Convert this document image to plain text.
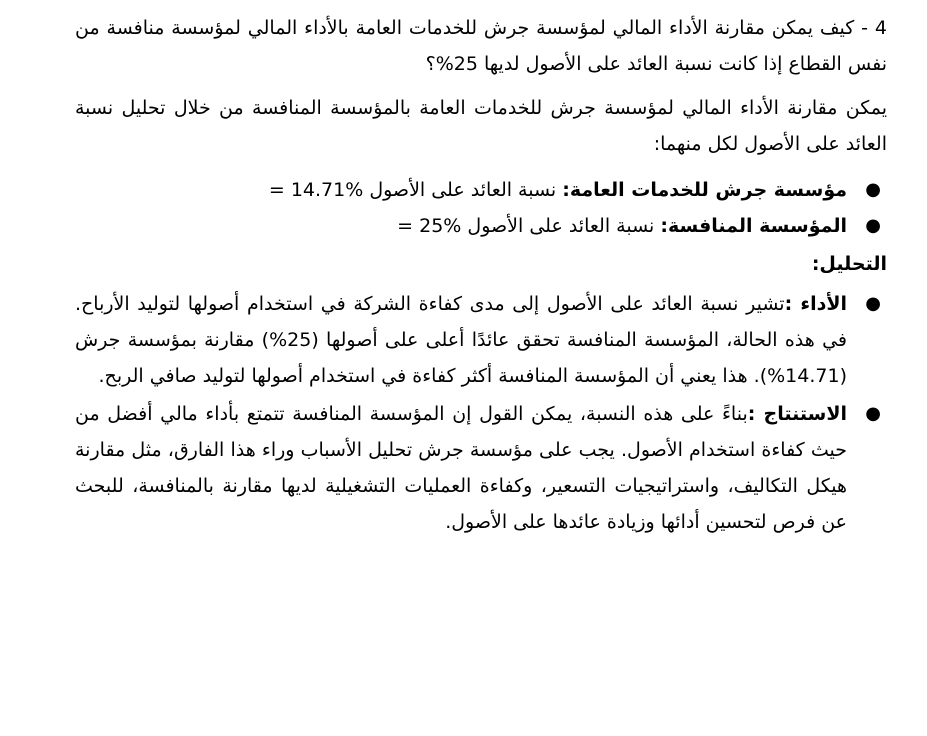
4 - كيف يمكن مقارنة الأداء المالي لمؤسسة جرش للخدمات العامة بالأداء المالي لمؤسسة منافسة من نفس القطاع إذا كانت نسبة العائد على الأصول لديها 25%؟

يمكن مقارنة الأداء المالي لمؤسسة جرش للخدمات العامة بالمؤسسة المنافسة من خلال تحليل نسبة العائد على الأصول لكل منهما:

●
مؤسسة جرش للخدمات العامة: نسبة العائد على الأصول = 14.71%
●
المؤسسة المنافسة: نسبة العائد على الأصول = 25%

التحليل:

●
الأداء :تشير نسبة العائد على الأصول إلى مدى كفاءة الشركة في استخدام أصولها لتوليد الأرباح. في هذه الحالة، المؤسسة المنافسة تحقق عائدًا أعلى على أصولها (25%) مقارنة بمؤسسة جرش (14.71%). هذا يعني أن المؤسسة المنافسة أكثر كفاءة في استخدام أصولها لتوليد صافي الربح.
●
الاستنتاج :بناءً على هذه النسبة، يمكن القول إن المؤسسة المنافسة تتمتع بأداء مالي أفضل من حيث كفاءة استخدام الأصول. يجب على مؤسسة جرش تحليل الأسباب وراء هذا الفارق، مثل مقارنة هيكل التكاليف، واستراتيجيات التسعير، وكفاءة العمليات التشغيلية لديها مقارنة بالمنافسة، للبحث عن فرص لتحسين أدائها وزيادة عائدها على الأصول.
